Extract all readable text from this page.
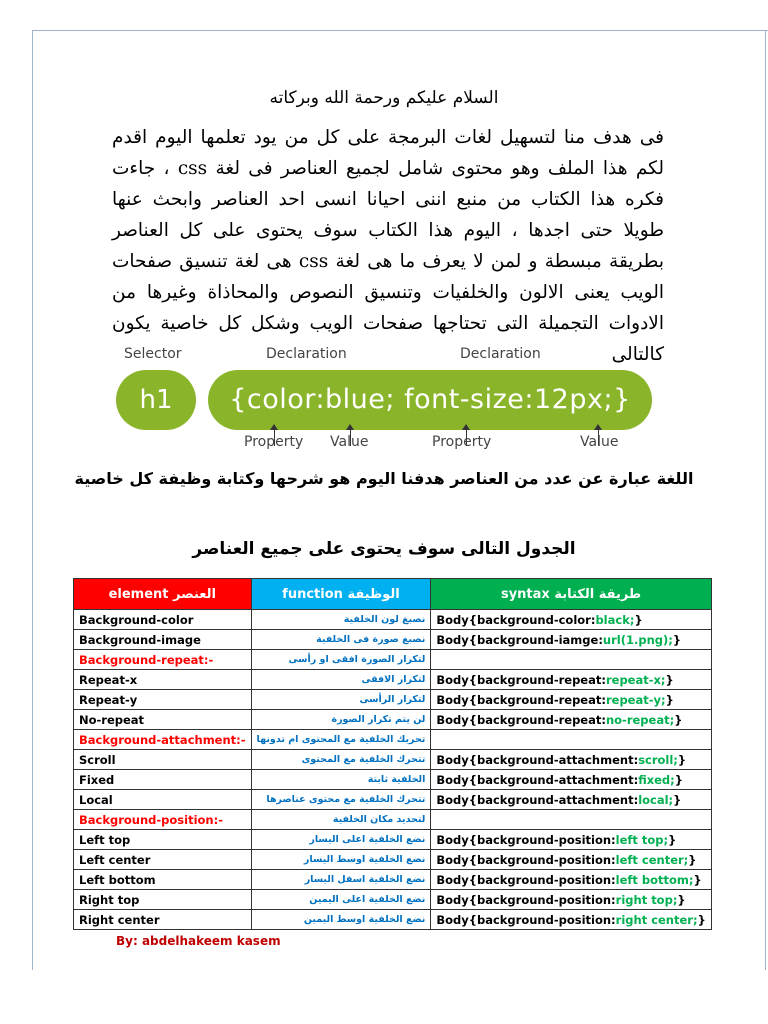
السلام عليكم ورحمة الله وبركاته

فى هدف منا لتسهيل لغات البرمجة على كل من يود تعلمها اليوم اقدم لكم هذا الملف وهو محتوى شامل لجميع العناصر فى لغة css ، جاءت فكره هذا الكتاب من منبع اننى احيانا انسى احد العناصر وابحث عنها طويلا حتى اجدها ، اليوم هذا الكتاب سوف يحتوى على كل العناصر بطريقة مبسطة و لمن لا يعرف ما هى لغة css هى لغة تنسيق صفحات الويب يعنى الالون والخلفيات وتنسيق النصوص والمحاذاة وغيرها من الادوات التجميلة التى تحتاجها صفحات الويب وشكل كل خاصية يكون كالتالى

Selector	Declaration	Declaration
h1	{color:blue; font-size:12px;}
Property Value	Property	Value
اللغة عبارة عن عدد من العناصر هدفنا اليوم هو شرحها وكتابة وظيفة كل خاصية
الجدول التالى سوف يحتوى على جميع العناصر
element العنصر	function الوظيفة	syntax طريقة الكتابة
Background-color	نصبغ لون الخلفية	Body{background-color:black;}
Background-image	نصبغ صورة فى الخلفية	Body{background-iamge:url(1.png);}
Background-repeat:-	لتكرار الصورة افقى او رأسى	
Repeat-x	لتكرار الافقى	Body{background-repeat:repeat-x;}
Repeat-y	لتكرار الرأسى	Body{background-repeat:repeat-y;}
No-repeat	لن يتم تكرار الصورة	Body{background-repeat:no-repeat;}
Background-attachment:-	تحريك الخلفية مع المحتوى ام تدونها	
Scroll	تتحرك الخلفية مع المحتوى	Body{background-attachment:scroll;}
Fixed	الخلفية ثابتة	Body{background-attachment:fixed;}
Local	تتحرك الخلفية مع محتوى عناصرها	Body{background-attachment:local;}
Background-position:-	لتحديد مكان الخلفية	
Left top	نضع الخلفية اعلى اليسار	Body{background-position:left top;}
Left center	نضع الخلفية اوسط اليسار	Body{background-position:left center;}
Left bottom	نضع الخلفية اسفل اليسار	Body{background-position:left bottom;}
Right top	نضع الخلفية اعلى اليمين	Body{background-position:right top;}
Right center	نضع الخلفية اوسط اليمين	Body{background-position:right center;}
By: abdelhakeem kasem
